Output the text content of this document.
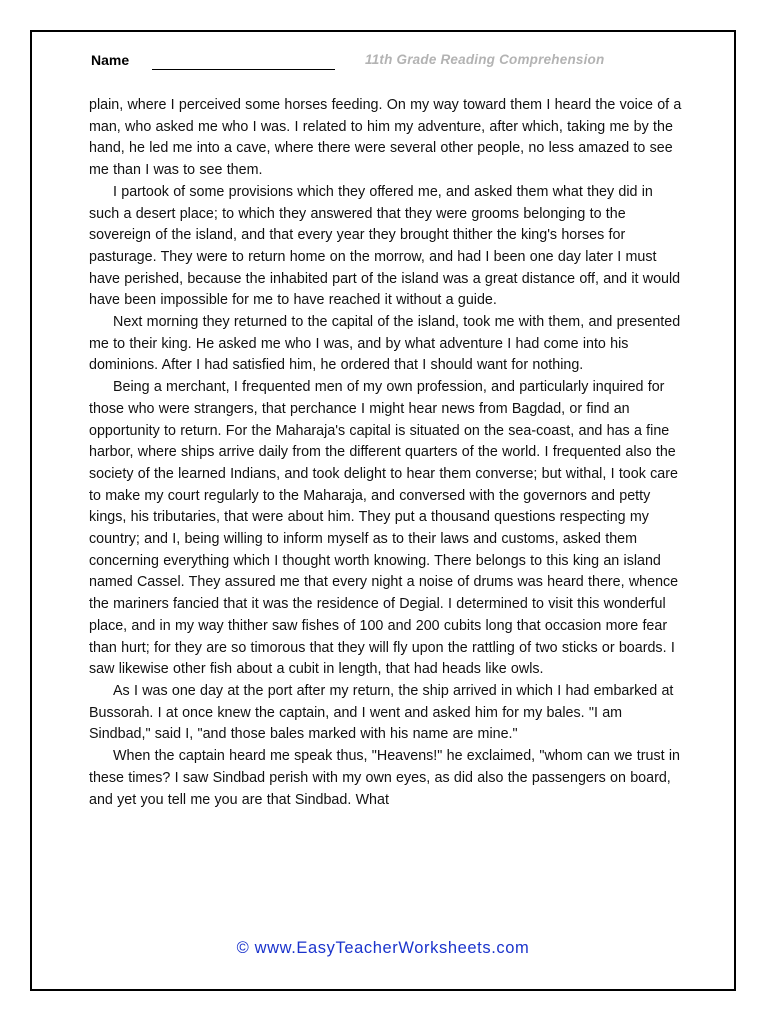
Name	11th Grade Reading Comprehension

plain, where I perceived some horses feeding. On my way toward them I heard the voice of a man, who asked me who I was. I related to him my adventure, after which, taking me by the hand, he led me into a cave, where there were several other people, no less amazed to see me than I was to see them.

I partook of some provisions which they offered me, and asked them what they did in such a desert place; to which they answered that they were grooms belonging to the sovereign of the island, and that every year they brought thither the king's horses for pasturage. They were to return home on the morrow, and had I been one day later I must have perished, because the inhabited part of the island was a great distance off, and it would have been impossible for me to have reached it without a guide.

Next morning they returned to the capital of the island, took me with them, and presented me to their king. He asked me who I was, and by what adventure I had come into his dominions. After I had satisfied him, he ordered that I should want for nothing.

Being a merchant, I frequented men of my own profession, and particularly inquired for those who were strangers, that perchance I might hear news from Bagdad, or find an opportunity to return. For the Maharaja's capital is situated on the sea-coast, and has a fine harbor, where ships arrive daily from the different quarters of the world. I frequented also the society of the learned Indians, and took delight to hear them converse; but withal, I took care to make my court regularly to the Maharaja, and conversed with the governors and petty kings, his tributaries, that were about him. They put a thousand questions respecting my country; and I, being willing to inform myself as to their laws and customs, asked them concerning everything which I thought worth knowing. There belongs to this king an island named Cassel. They assured me that every night a noise of drums was heard there, whence the mariners fancied that it was the residence of Degial. I determined to visit this wonderful place, and in my way thither saw fishes of 100 and 200 cubits long that occasion more fear than hurt; for they are so timorous that they will fly upon the rattling of two sticks or boards. I saw likewise other fish about a cubit in length, that had heads like owls.

As I was one day at the port after my return, the ship arrived in which I had embarked at Bussorah. I at once knew the captain, and I went and asked him for my bales. "I am Sindbad," said I, "and those bales marked with his name are mine."

When the captain heard me speak thus, "Heavens!" he exclaimed, "whom can we trust in these times? I saw Sindbad perish with my own eyes, as did also the passengers on board, and yet you tell me you are that Sindbad. What

© www.EasyTeacherWorksheets.com
